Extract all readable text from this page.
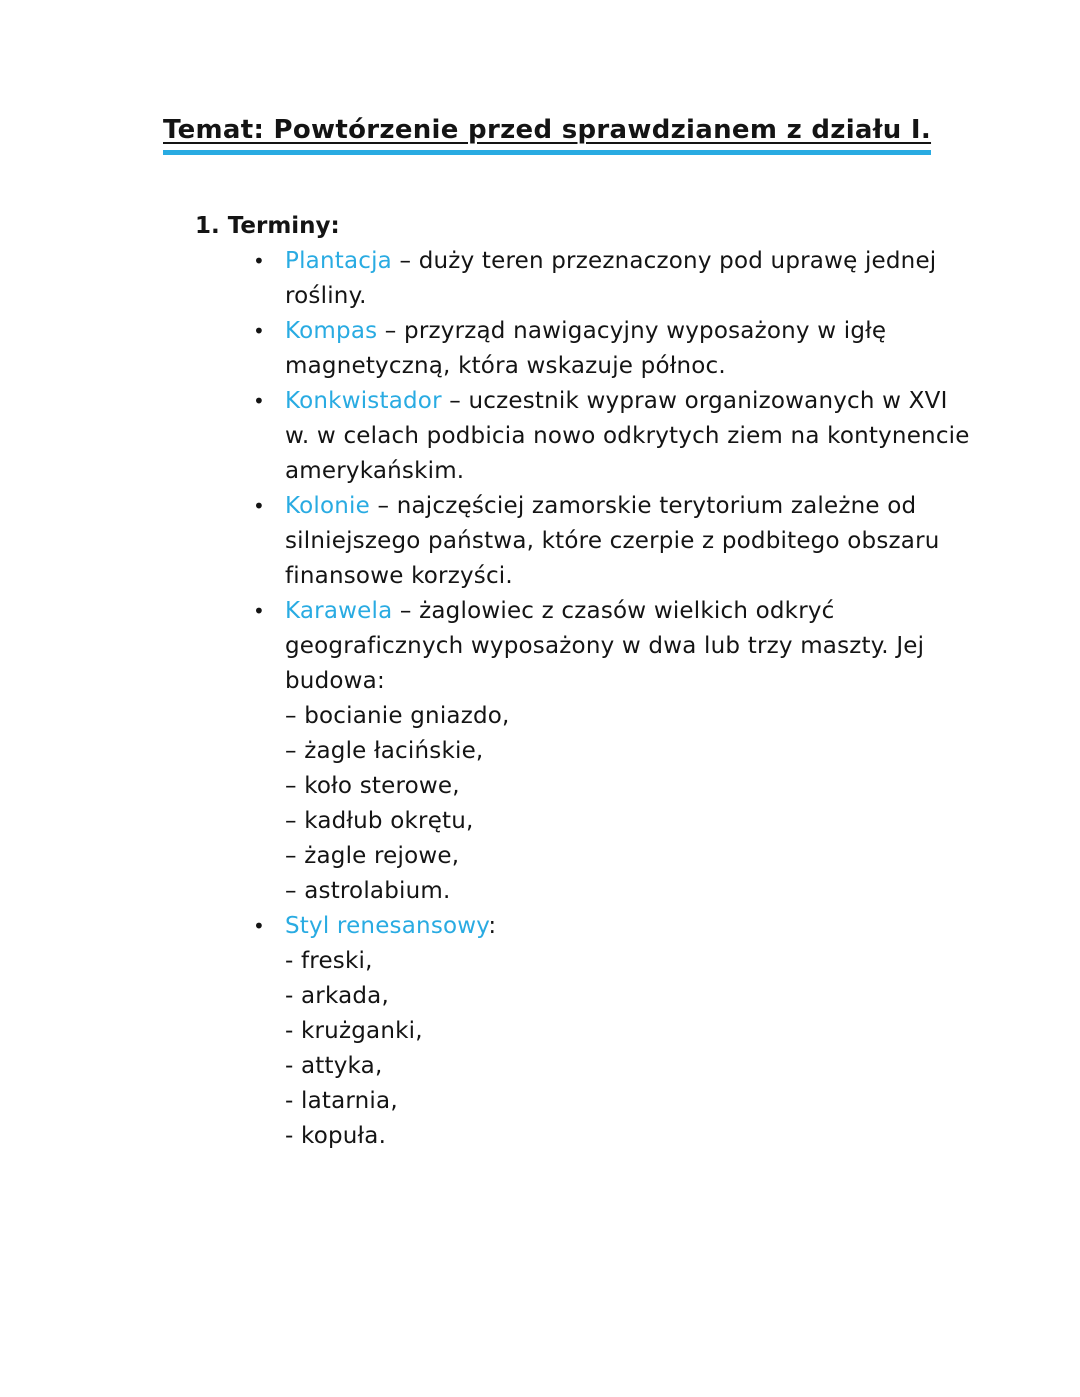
Temat: Powtórzenie przed sprawdzianem z działu I.
1. Terminy:
• Plantacja – duży teren przeznaczony pod uprawę jednej
rośliny.
• Kompas – przyrząd nawigacyjny wyposażony w igłę
magnetyczną, która wskazuje północ.
• Konkwistador – uczestnik wypraw organizowanych w XVI
w. w celach podbicia nowo odkrytych ziem na kontynencie
amerykańskim.
• Kolonie – najczęściej zamorskie terytorium zależne od
silniejszego państwa, które czerpie z podbitego obszaru
finansowe korzyści.
• Karawela – żaglowiec z czasów wielkich odkryć
geograficznych wyposażony w dwa lub trzy maszty. Jej
budowa:
– bocianie gniazdo,
– żagle łacińskie,
– koło sterowe,
– kadłub okrętu,
– żagle rejowe,
– astrolabium.
• Styl renesansowy:
- freski,
- arkada,
- krużganki,
- attyka,
- latarnia,
- kopuła.
